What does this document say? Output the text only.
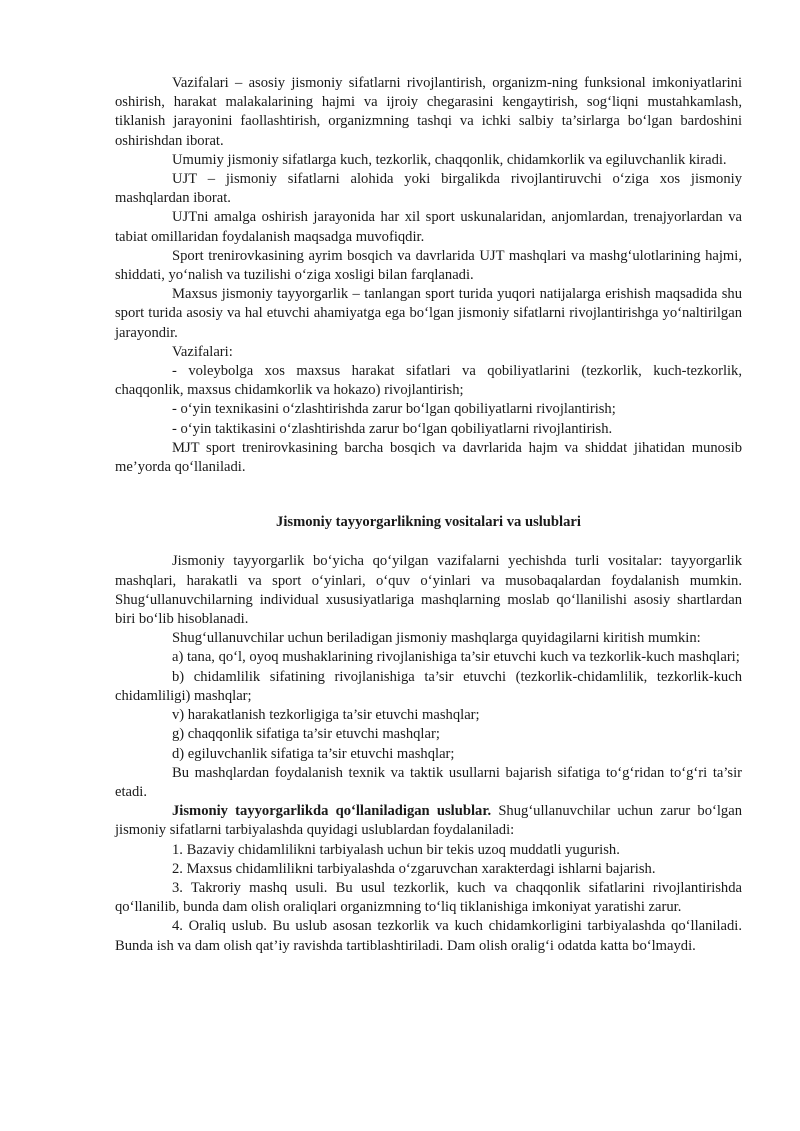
Vazifalari – asosiy jismoniy sifatlarni rivojlantirish, organizm-ning funksional imkoniyatlarini oshirish, harakat malakalarining hajmi va ijroiy chegarasini kengaytirish, sog‘liqni mustahkamlash, tiklanish jarayonini faollashtirish, organizmning tashqi va ichki salbiy ta’sirlarga bo‘lgan bardoshini oshirishdan iborat.

Umumiy jismoniy sifatlarga kuch, tezkorlik, chaqqonlik, chidamkorlik va egiluvchanlik kiradi.

UJT – jismoniy sifatlarni alohida yoki birgalikda rivojlantiruvchi o‘ziga xos jismoniy mashqlardan iborat.

UJTni amalga oshirish jarayonida har xil sport uskunalaridan, anjomlardan, trenajyorlardan va tabiat omillaridan foydalanish maqsadga muvofiqdir.

Sport trenirovkasining ayrim bosqich va davrlarida UJT mashqlari va mashg‘ulotlarining hajmi, shiddati, yo‘nalish va tuzilishi o‘ziga xosligi bilan farqlanadi.

Maxsus jismoniy tayyorgarlik – tanlangan sport turida yuqori natijalarga erishish maqsadida shu sport turida asosiy va hal etuvchi ahamiyatga ega bo‘lgan jismoniy sifatlarni rivojlantirishga yo‘naltirilgan jarayondir.

Vazifalari:

- voleybolga xos maxsus harakat sifatlari va qobiliyatlarini (tezkorlik, kuch-tezkorlik, chaqqonlik, maxsus chidamkorlik va hokazo) rivojlantirish;

- o‘yin texnikasini o‘zlashtirishda zarur bo‘lgan qobiliyatlarni rivojlantirish;

- o‘yin taktikasini o‘zlashtirishda zarur bo‘lgan qobiliyatlarni rivojlantirish.

MJT sport trenirovkasining barcha bosqich va davrlarida hajm va shiddat jihatidan munosib me’yorda qo‘llaniladi.

Jismoniy tayyorgarlikning vositalari va uslublari

Jismoniy tayyorgarlik bo‘yicha qo‘yilgan vazifalarni yechishda turli vositalar: tayyorgarlik mashqlari, harakatli va sport o‘yinlari, o‘quv o‘yinlari va musobaqalardan foydalanish mumkin. Shug‘ullanuvchilarning individual xususiyatlariga mashqlarning moslab qo‘llanilishi asosiy shartlardan biri bo‘lib hisoblanadi.

Shug‘ullanuvchilar uchun beriladigan jismoniy mashqlarga quyidagilarni kiritish mumkin:

a) tana, qo‘l, oyoq mushaklarining rivojlanishiga ta’sir etuvchi kuch va tezkorlik-kuch mashqlari;

b) chidamlilik sifatining rivojlanishiga ta’sir etuvchi (tezkorlik-chidamlilik, tezkorlik-kuch chidamliligi) mashqlar;

v) harakatlanish tezkorligiga ta’sir etuvchi mashqlar;

g) chaqqonlik sifatiga ta’sir etuvchi mashqlar;

d) egiluvchanlik sifatiga ta’sir etuvchi mashqlar;

Bu mashqlardan foydalanish texnik va taktik usullarni bajarish sifatiga to‘g‘ridan to‘g‘ri ta’sir etadi.

Jismoniy tayyorgarlikda qo‘llaniladigan uslublar. Shug‘ullanuvchilar uchun zarur bo‘lgan jismoniy sifatlarni tarbiyalashda quyidagi uslublardan foydalaniladi:

1. Bazaviy chidamlilikni tarbiyalash uchun bir tekis uzoq muddatli yugurish.

2. Maxsus chidamlilikni tarbiyalashda o‘zgaruvchan xarakterdagi ishlarni bajarish.

3. Takroriy mashq usuli. Bu usul tezkorlik, kuch va chaqqonlik sifatlarini rivojlantirishda qo‘llanilib, bunda dam olish oraliqlari organizmning to‘liq tiklanishiga imkoniyat yaratishi zarur.

4. Oraliq uslub. Bu uslub asosan tezkorlik va kuch chidamkorligini tarbiyalashda qo‘llaniladi. Bunda ish va dam olish qat’iy ravishda tartiblashtiriladi. Dam olish oralig‘i odatda katta bo‘lmaydi.
